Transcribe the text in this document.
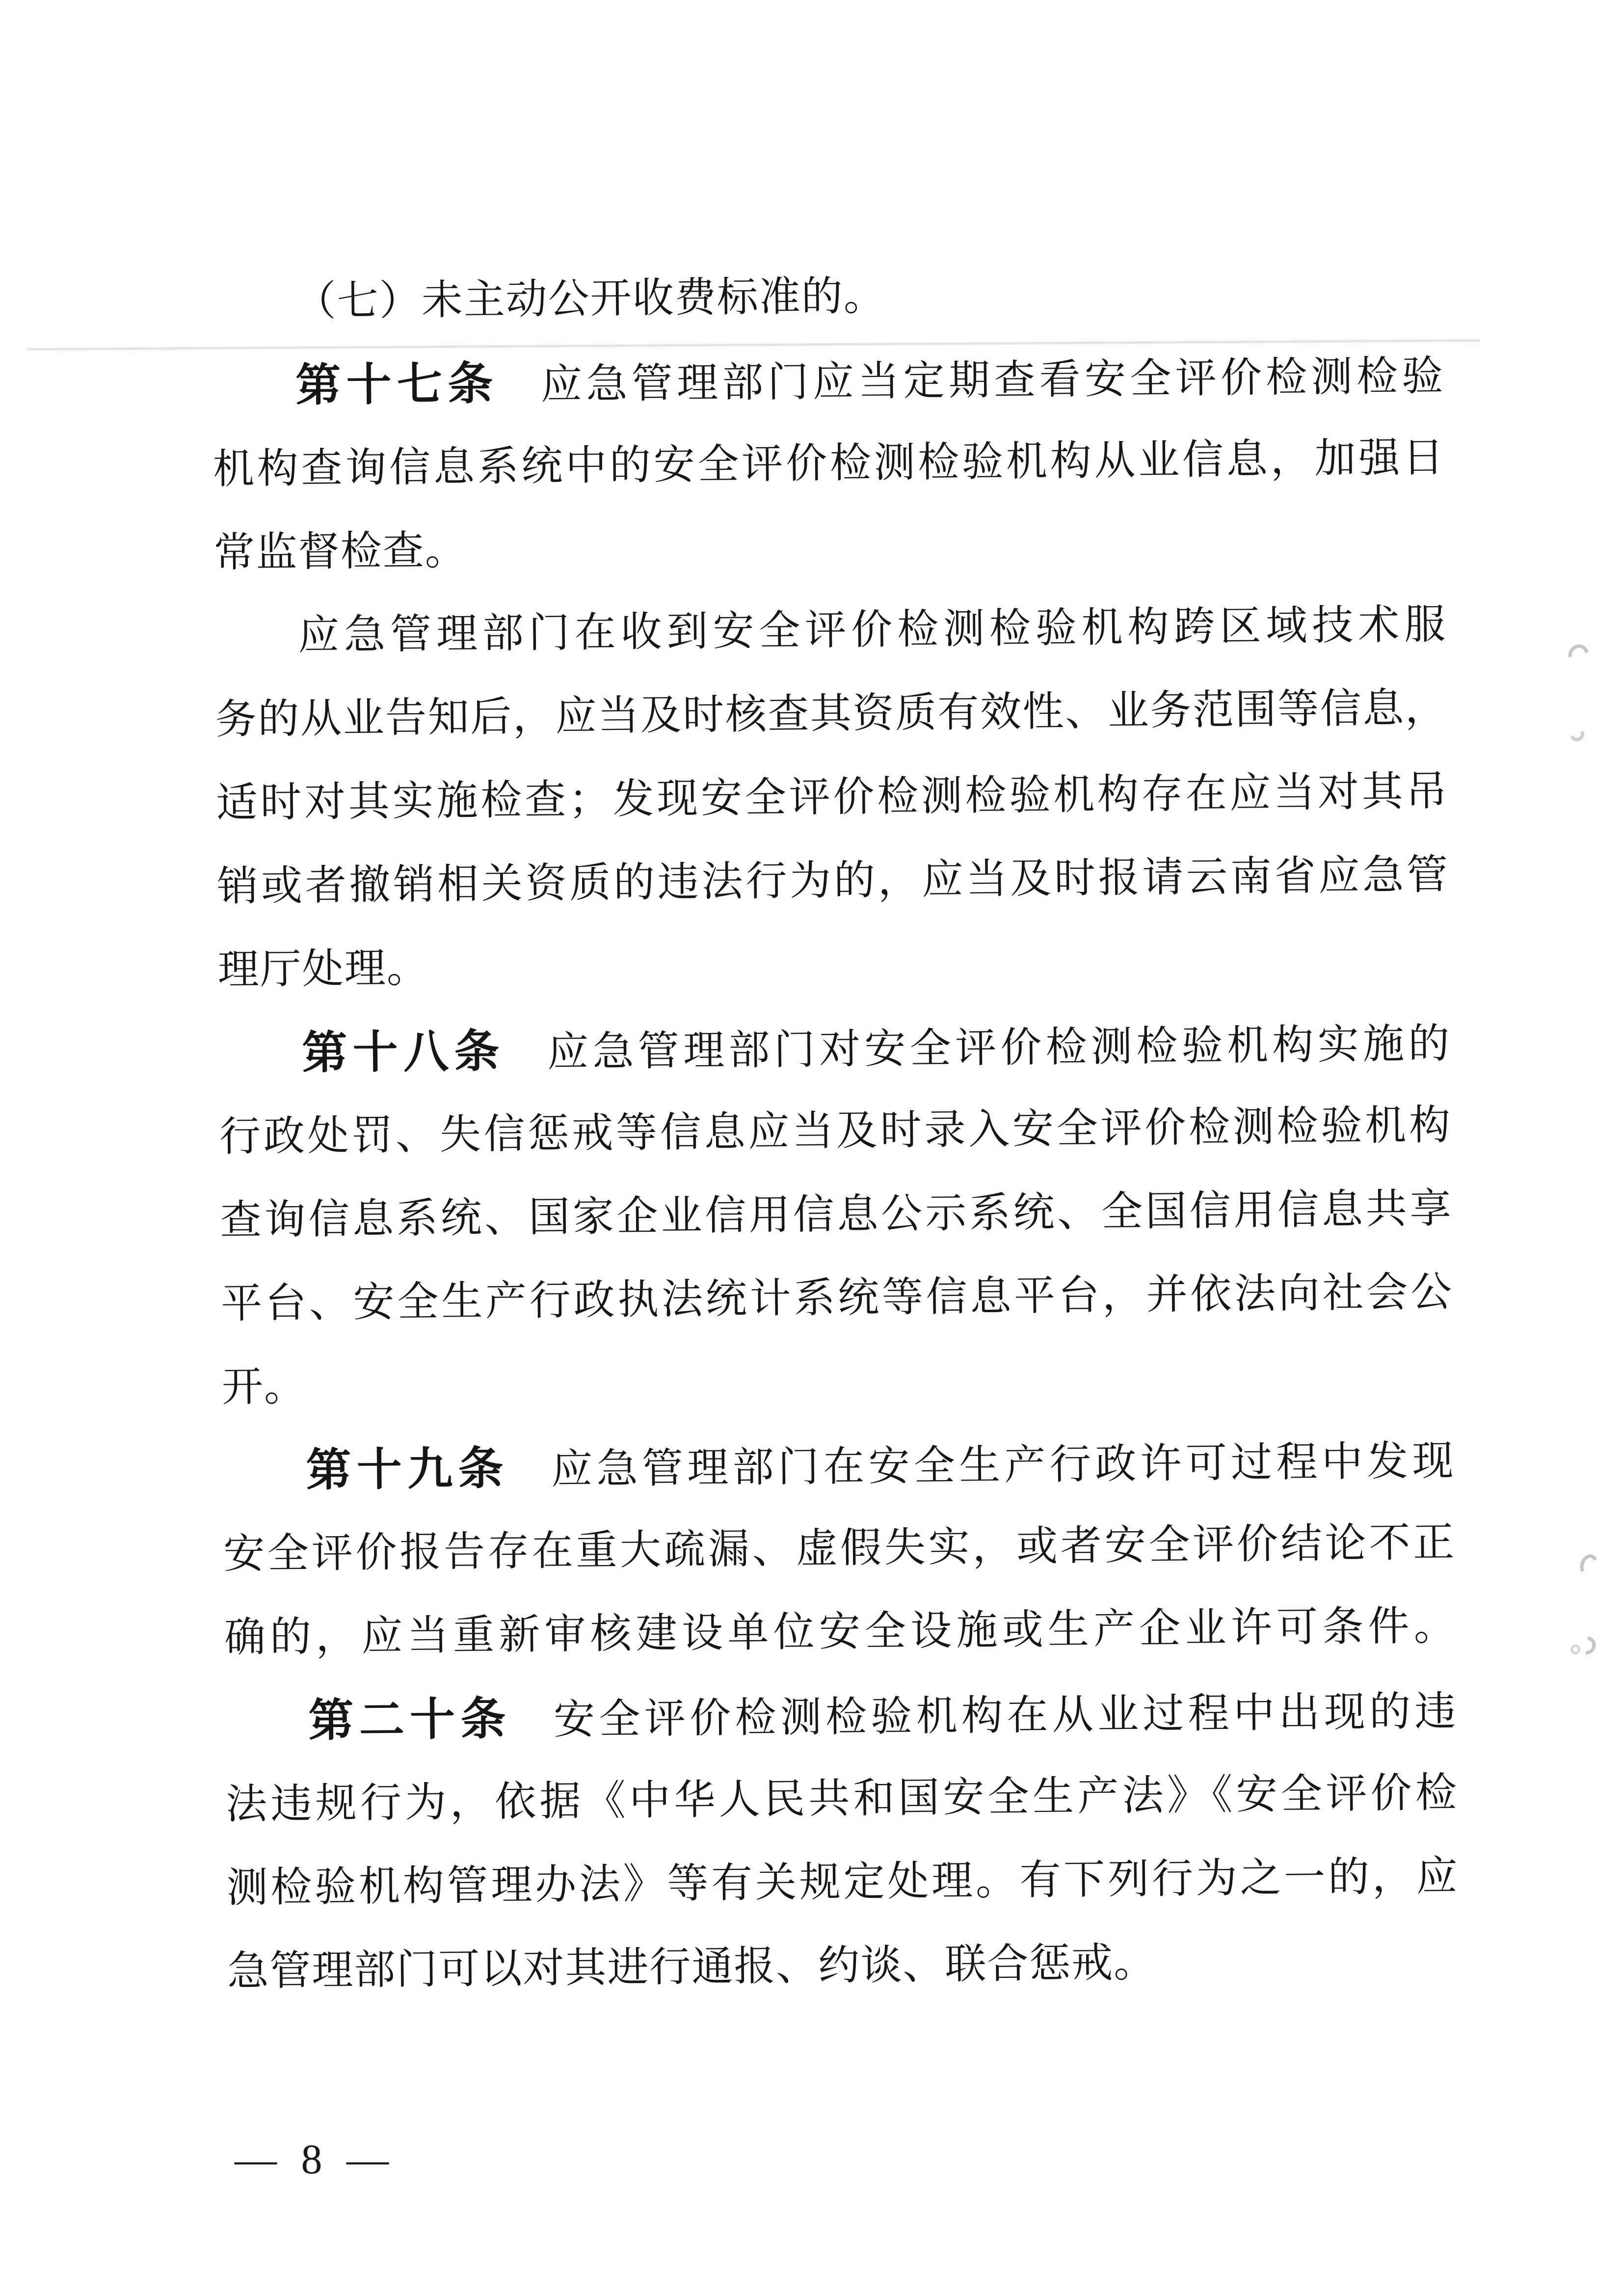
（七）未主动公开收费标准的。
第十七条 应急管理部门应当定期查看安全评价检测检验
机构查询信息系统中的安全评价检测检验机构从业信息，加强日
常监督检查。
应急管理部门在收到安全评价检测检验机构跨区域技术服
务的从业告知后，应当及时核查其资质有效性、业务范围等信息，
适时对其实施检查；发现安全评价检测检验机构存在应当对其吊
销或者撤销相关资质的违法行为的，应当及时报请云南省应急管
理厅处理。
第十八条 应急管理部门对安全评价检测检验机构实施的
行政处罚、失信惩戒等信息应当及时录入安全评价检测检验机构
查询信息系统、国家企业信用信息公示系统、全国信用信息共享
平台、安全生产行政执法统计系统等信息平台，并依法向社会公
开。
第十九条 应急管理部门在安全生产行政许可过程中发现
安全评价报告存在重大疏漏、虚假失实，或者安全评价结论不正
确的，应当重新审核建设单位安全设施或生产企业许可条件。
第二十条 安全评价检测检验机构在从业过程中出现的违
法违规行为，依据《中华人民共和国安全生产法》《安全评价检
测检验机构管理办法》等有关规定处理。有下列行为之一的，应
急管理部门可以对其进行通报、约谈、联合惩戒。
— 8 —
